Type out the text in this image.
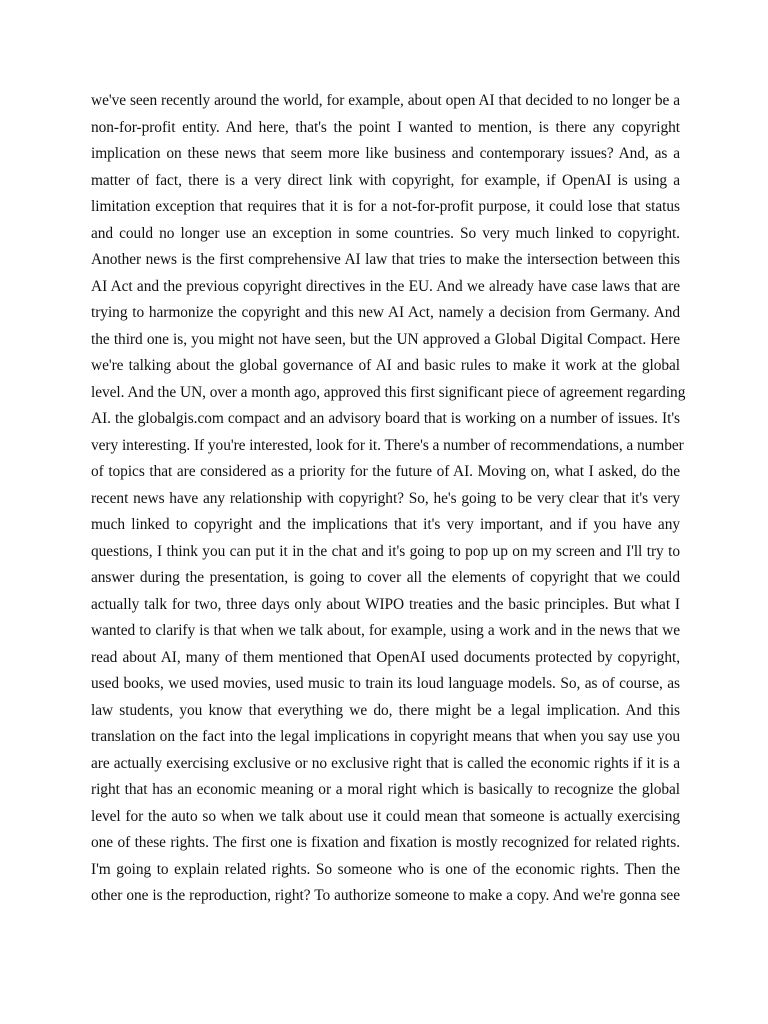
we've seen recently around the world, for example, about open AI that decided to no longer be a
non-for-profit entity. And here, that's the point I wanted to mention, is there any copyright
implication on these news that seem more like business and contemporary issues? And, as a
matter of fact, there is a very direct link with copyright, for example, if OpenAI is using a
limitation exception that requires that it is for a not-for-profit purpose, it could lose that status
and could no longer use an exception in some countries. So very much linked to copyright.
Another news is the first comprehensive AI law that tries to make the intersection between this
AI Act and the previous copyright directives in the EU. And we already have case laws that are
trying to harmonize the copyright and this new AI Act, namely a decision from Germany. And
the third one is, you might not have seen, but the UN approved a Global Digital Compact. Here
we're talking about the global governance of AI and basic rules to make it work at the global
level. And the UN, over a month ago, approved this first significant piece of agreement regarding
AI. the globalgis.com compact and an advisory board that is working on a number of issues. It's
very interesting. If you're interested, look for it. There's a number of recommendations, a number
of topics that are considered as a priority for the future of AI. Moving on, what I asked, do the
recent news have any relationship with copyright? So, he's going to be very clear that it's very
much linked to copyright and the implications that it's very important, and if you have any
questions, I think you can put it in the chat and it's going to pop up on my screen and I'll try to
answer during the presentation, is going to cover all the elements of copyright that we could
actually talk for two, three days only about WIPO treaties and the basic principles. But what I
wanted to clarify is that when we talk about, for example, using a work and in the news that we
read about AI, many of them mentioned that OpenAI used documents protected by copyright,
used books, we used movies, used music to train its loud language models. So, as of course, as
law students, you know that everything we do, there might be a legal implication. And this
translation on the fact into the legal implications in copyright means that when you say use you
are actually exercising exclusive or no exclusive right that is called the economic rights if it is a
right that has an economic meaning or a moral right which is basically to recognize the global
level for the auto so when we talk about use it could mean that someone is actually exercising
one of these rights. The first one is fixation and fixation is mostly recognized for related rights.
I'm going to explain related rights. So someone who is one of the economic rights. Then the
other one is the reproduction, right? To authorize someone to make a copy. And we're gonna see
